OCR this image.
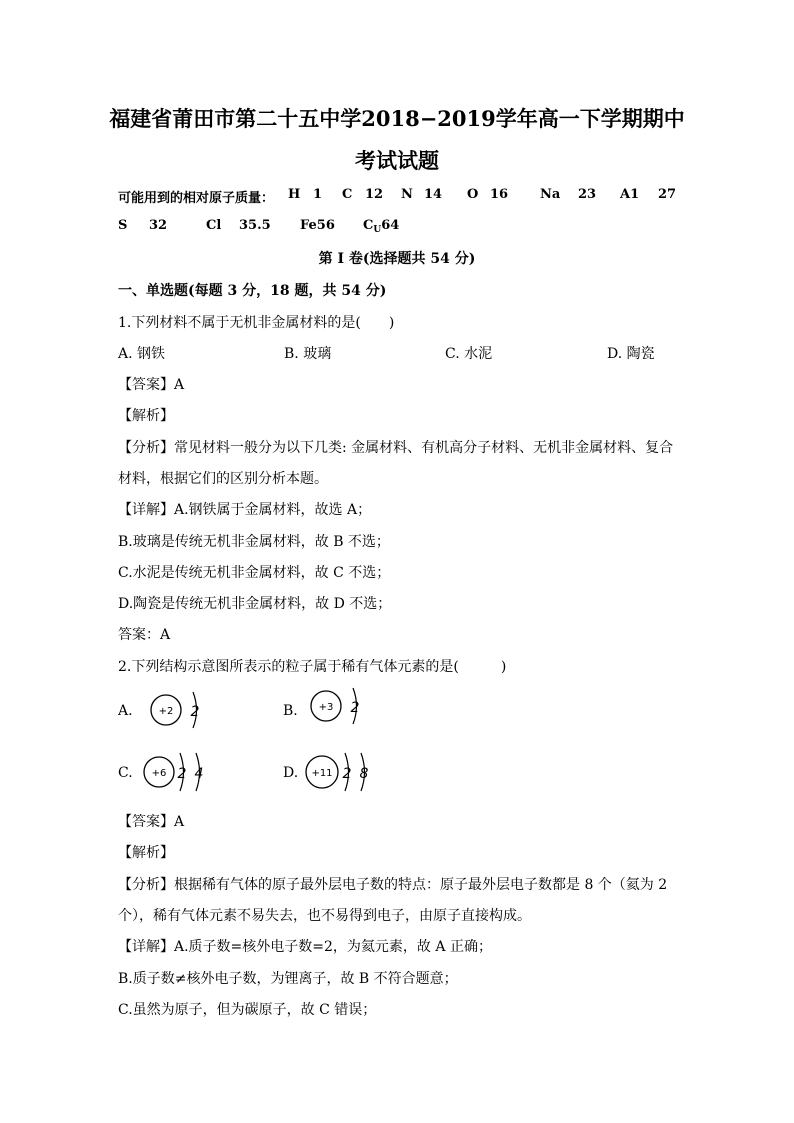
福建省莆田市第二十五中学2018−2019学年高一下学期期中
考试试题
可能用到的相对原子质量： H 1 C 12 N 14 O 16 Na 23 A1 27
S 32	Cl 35.5 Fe56 $C_U64$
第 I 卷(选择题共 54 分)
一、单选题(每题 3 分，18 题，共 54 分)
1.下列材料不属于无机非金属材料的是(　　)
A. 钢铁	B. 玻璃	C. 水泥	D. 陶瓷
【答案】A
【解析】
【分析】常见材料一般分为以下几类: 金属材料、有机高分子材料、无机非金属材料、复合
材料，根据它们的区别分析本题。
【详解】A.钢铁属于金属材料，故选 A；
B.玻璃是传统无机非金属材料，故 B 不选；
C.水泥是传统无机非金属材料，故 C 不选；
D.陶瓷是传统无机非金属材料，故 D 不选；
答案：A
2.下列结构示意图所表示的粒子属于稀有气体元素的是(　　　)
A.	+2 2	B. +3 2
C. +6 2 4	D. +11 2 8
【答案】A
【解析】
【分析】根据稀有气体的原子最外层电子数的特点：原子最外层电子数都是 8 个（氦为 2
个），稀有气体元素不易失去，也不易得到电子，由原子直接构成。
【详解】A.质子数=核外电子数=2，为氦元素，故 A 正确；
B.质子数≠核外电子数，为锂离子，故 B 不符合题意；
C.虽然为原子，但为碳原子，故 C 错误；
